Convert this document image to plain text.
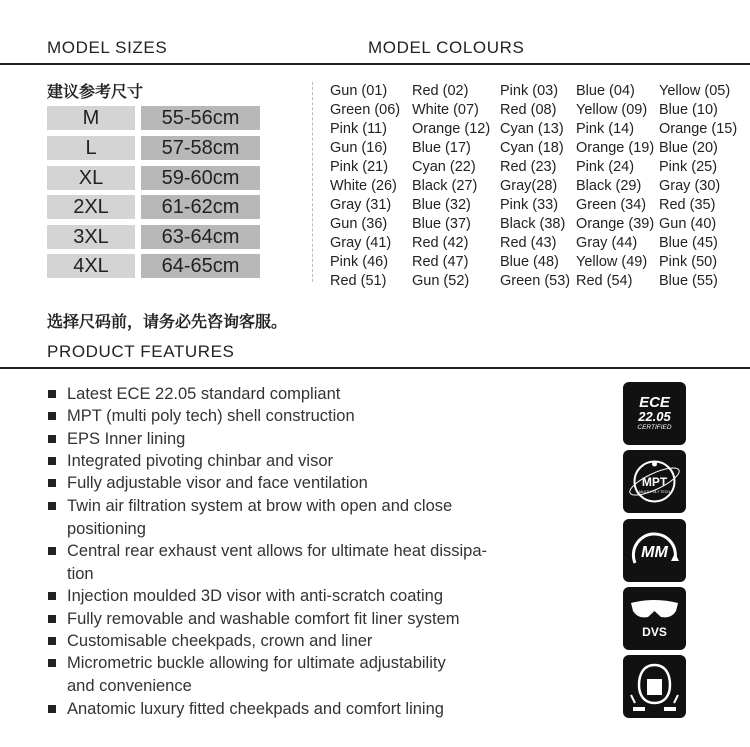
MODEL SIZES	MODEL COLOURS
建议参考尺寸
M	55-56cm
L	57-58cm
XL	59-60cm
2XL	61-62cm
3XL	63-64cm
4XL	64-65cm
Gun (01) Red (02) Pink (03) Blue (04) Yellow (05)
Green (06) White (07) Red (08) Yellow (09) Blue (10)
Pink (11) Orange (12) Cyan (13) Pink (14) Orange (15)
Gun (16) Blue (17) Cyan (18) Orange (19) Blue (20)
Pink (21) Cyan (22) Red (23) Pink (24) Pink (25)
White (26) Black (27) Gray(28) Black (29) Gray (30)
Gray (31) Blue (32) Pink (33) Green (34) Red (35)
Gun (36) Blue (37) Black (38) Orange (39) Gun (40)
Gray (41) Red (42) Red (43) Gray (44) Blue (45)
Pink (46) Red (47) Blue (48) Yellow (49) Pink (50)
Red (51) Gun (52) Green (53) Red (54) Blue (55)
选择尺码前，请务必先咨询客服。
PRODUCT FEATURES
Latest ECE 22.05 standard compliant
MPT (multi poly tech) shell construction
EPS Inner lining
Integrated pivoting chinbar and visor
Fully adjustable visor and face ventilation
Twin air filtration system at brow with open and close
positioning
Central rear exhaust vent allows for ultimate heat dissipa-
tion
Injection moulded 3D visor with anti-scratch coating
Fully removable and washable comfort fit liner system
Customisable cheekpads, crown and liner
Micrometric buckle allowing for ultimate adjustability
and convenience
Anatomic luxury fitted cheekpads and comfort lining
ECE
22.05
CERTIFIED
MPT
MULTI POLY TECH
MM
DVS
